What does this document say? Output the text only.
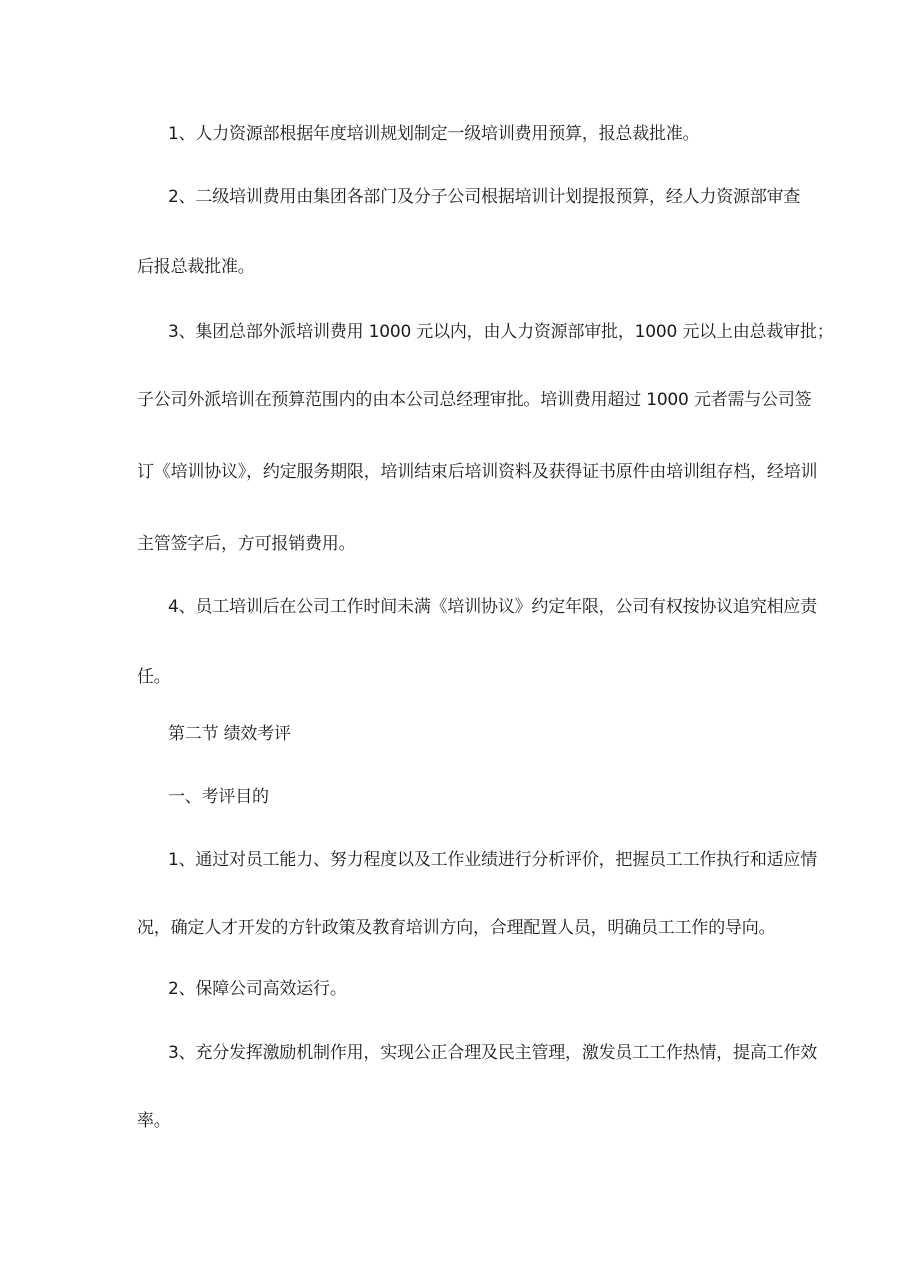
1、人力资源部根据年度培训规划制定一级培训费用预算，报总裁批准。
2、二级培训费用由集团各部门及分子公司根据培训计划提报预算，经人力资源部审查
后报总裁批准。
3、集团总部外派培训费用 1000 元以内，由人力资源部审批，1000 元以上由总裁审批；
子公司外派培训在预算范围内的由本公司总经理审批。培训费用超过 1000 元者需与公司签
订《培训协议》，约定服务期限，培训结束后培训资料及获得证书原件由培训组存档，经培训
主管签字后，方可报销费用。
4、员工培训后在公司工作时间未满《培训协议》约定年限，公司有权按协议追究相应责
任。
第二节 绩效考评
一、考评目的
1、通过对员工能力、努力程度以及工作业绩进行分析评价，把握员工工作执行和适应情
况，确定人才开发的方针政策及教育培训方向，合理配置人员，明确员工工作的导向。
2、保障公司高效运行。
3、充分发挥激励机制作用，实现公正合理及民主管理，激发员工工作热情，提高工作效
率。
